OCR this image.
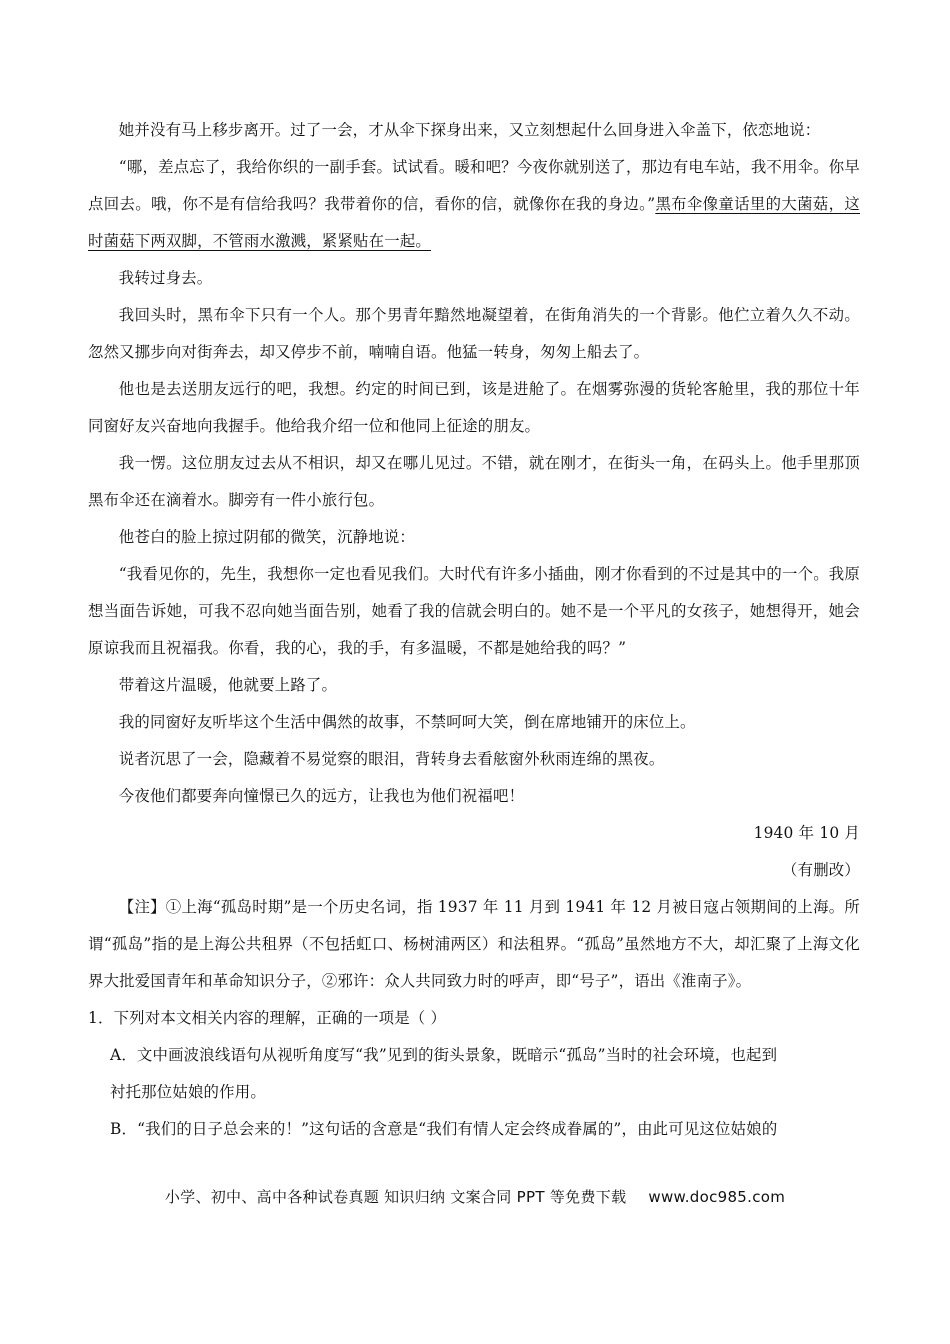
她并没有马上移步离开。过了一会，才从伞下探身出来，又立刻想起什么回身进入伞盖下，依恋地说：

“哪，差点忘了，我给你织的一副手套。试试看。暖和吧？今夜你就别送了，那边有电车站，我不用伞。你早点回去。哦，你不是有信给我吗？我带着你的信，看你的信，就像你在我的身边。”黑布伞像童话里的大菌菇，这时菌菇下两双脚，不管雨水激溅，紧紧贴在一起。

我转过身去。

我回头时，黑布伞下只有一个人。那个男青年黯然地凝望着，在街角消失的一个背影。他伫立着久久不动。忽然又挪步向对街奔去，却又停步不前，喃喃自语。他猛一转身，匆匆上船去了。

他也是去送朋友远行的吧，我想。约定的时间已到，该是进舱了。在烟雾弥漫的货轮客舱里，我的那位十年同窗好友兴奋地向我握手。他给我介绍一位和他同上征途的朋友。

我一愣。这位朋友过去从不相识，却又在哪儿见过。不错，就在刚才，在街头一角，在码头上。他手里那顶黑布伞还在滴着水。脚旁有一件小旅行包。

他苍白的脸上掠过阴郁的微笑，沉静地说：

“我看见你的，先生，我想你一定也看见我们。大时代有许多小插曲，刚才你看到的不过是其中的一个。我原想当面告诉她，可我不忍向她当面告别，她看了我的信就会明白的。她不是一个平凡的女孩子，她想得开，她会原谅我而且祝福我。你看，我的心，我的手，有多温暖，不都是她给我的吗？”

带着这片温暖，他就要上路了。

我的同窗好友听毕这个生活中偶然的故事，不禁呵呵大笑，倒在席地铺开的床位上。

说者沉思了一会，隐藏着不易觉察的眼泪，背转身去看舷窗外秋雨连绵的黑夜。

今夜他们都要奔向憧憬已久的远方，让我也为他们祝福吧！

1940 年 10 月

（有删改）

【注】①上海“孤岛时期”是一个历史名词，指 1937 年 11 月到 1941 年 12 月被日寇占领期间的上海。所谓“孤岛”指的是上海公共租界（不包括虹口、杨树浦两区）和法租界。“孤岛”虽然地方不大，却汇聚了上海文化界大批爱国青年和革命知识分子，②邪许：众人共同致力时的呼声，即“号子”，语出《淮南子》。

1．下列对本文相关内容的理解，正确的一项是（ ）

A．文中画波浪线语句从视听角度写“我”见到的街头景象，既暗示“孤岛”当时的社会环境，也起到

衬托那位姑娘的作用。

B．“我们的日子总会来的！”这句话的含意是“我们有情人定会终成眷属的”，由此可见这位姑娘的

小学、初中、高中各种试卷真题 知识归纳 文案合同 PPT 等免费下载 www.doc985.com
